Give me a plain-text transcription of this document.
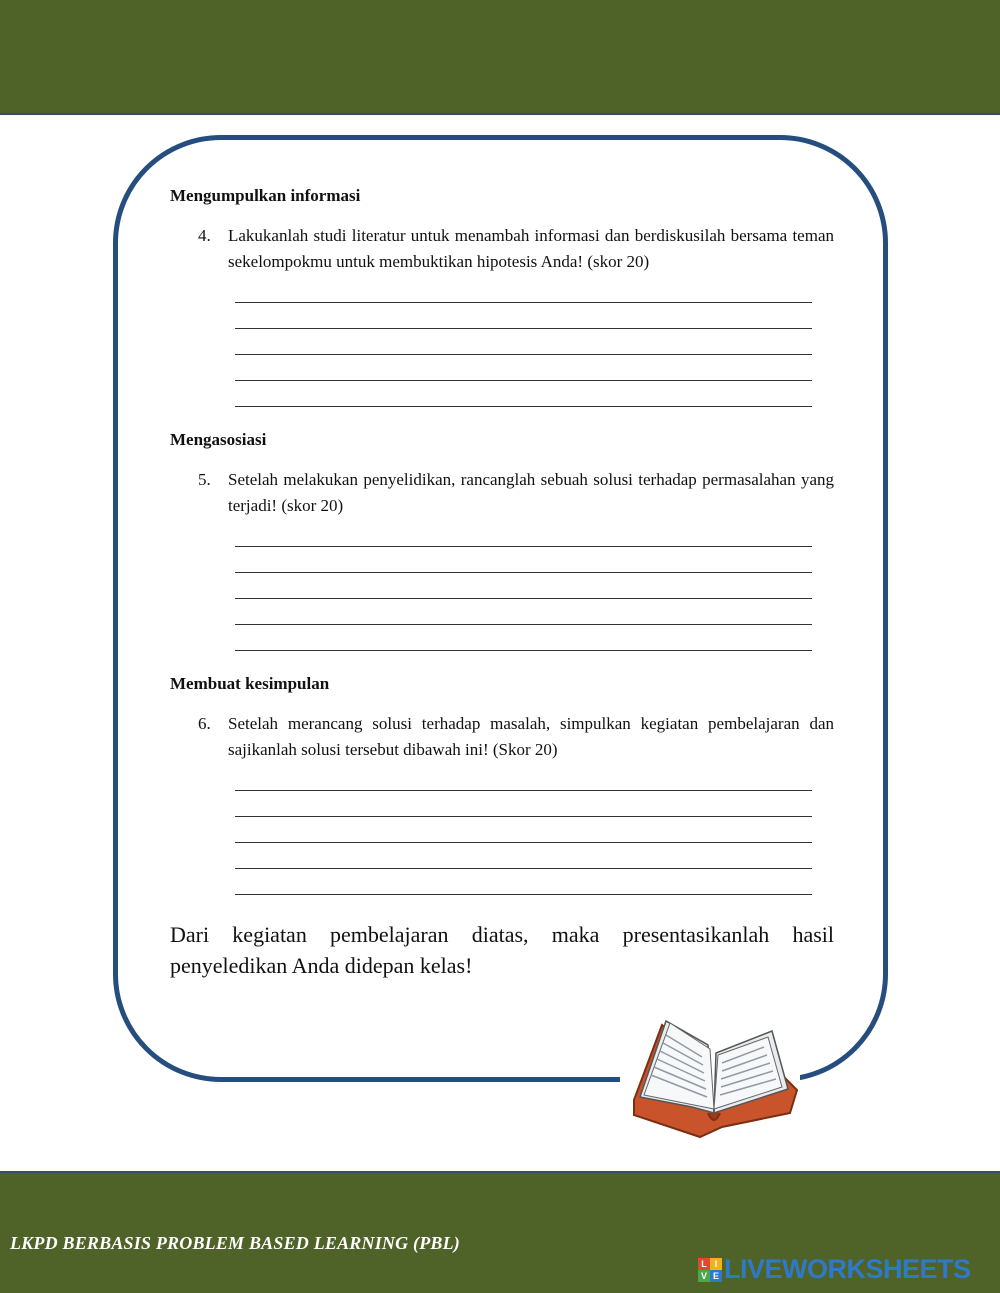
Mengumpulkan informasi

4.	Lakukanlah studi literatur untuk menambah informasi dan berdiskusilah bersama teman sekelompokmu untuk membuktikan hipotesis Anda! (skor 20)

Mengasosiasi

5.	Setelah melakukan penyelidikan, rancanglah sebuah solusi terhadap permasalahan yang terjadi! (skor 20)

Membuat kesimpulan

6.	Setelah merancang solusi terhadap masalah, simpulkan kegiatan pembelajaran dan sajikanlah solusi tersebut dibawah ini! (Skor 20)
Dari kegiatan pembelajaran diatas, maka presentasikanlah hasil penyeledikan Anda didepan kelas!
LKPD BERBASIS PROBLEM BASED LEARNING (PBL)
L I
V E LIVEWORKSHEETS
